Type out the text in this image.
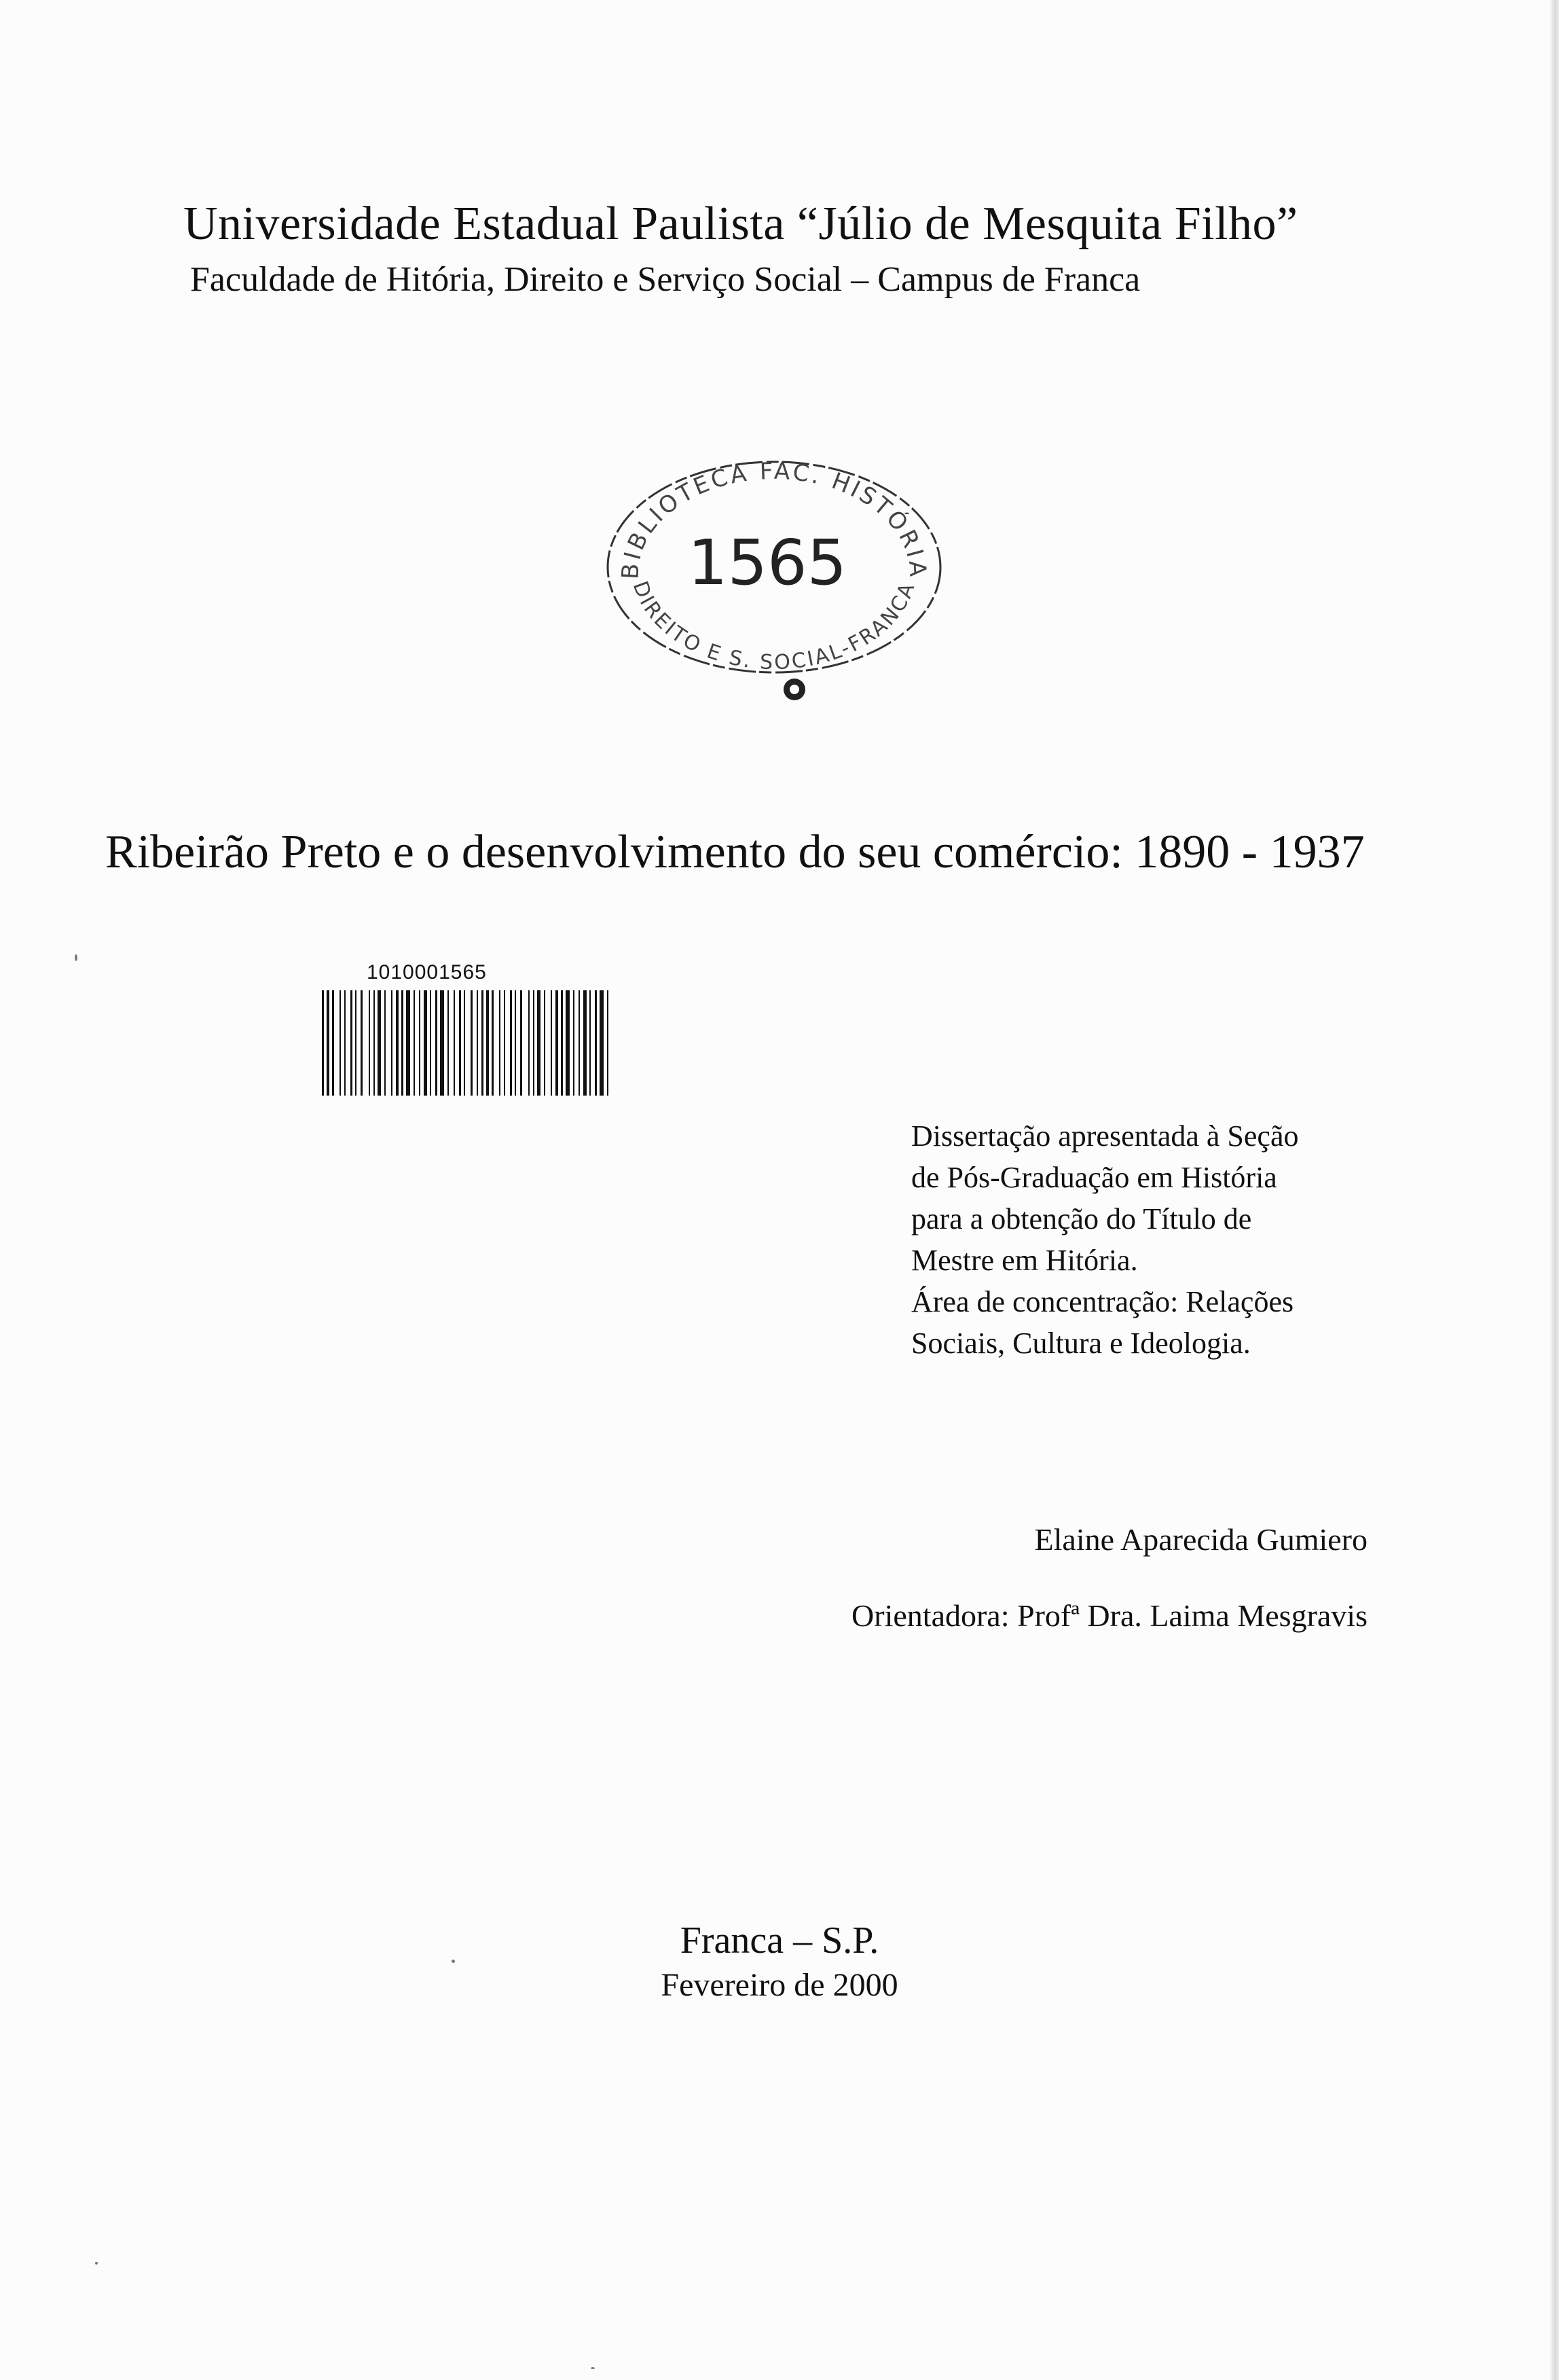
Universidade Estadual Paulista “Júlio de Mesquita Filho”
Faculdade de Hitória, Direito e Serviço Social – Campus de Franca
BIBLIOTECA FAC. HISTÓRIA
DIREITO E S. SOCIAL-FRANCA
1565
Ribeirão Preto e o desenvolvimento do seu comércio: 1890 - 1937
1010001565
Dissertação apresentada à Seção
de Pós-Graduação em História
para a obtenção do Título de
Mestre em Hitória.
Área de concentração: Relações
Sociais, Cultura e Ideologia.
Elaine Aparecida Gumiero
Orientadora: Profª Dra. Laima Mesgravis
Franca – S.P.
Fevereiro de 2000
